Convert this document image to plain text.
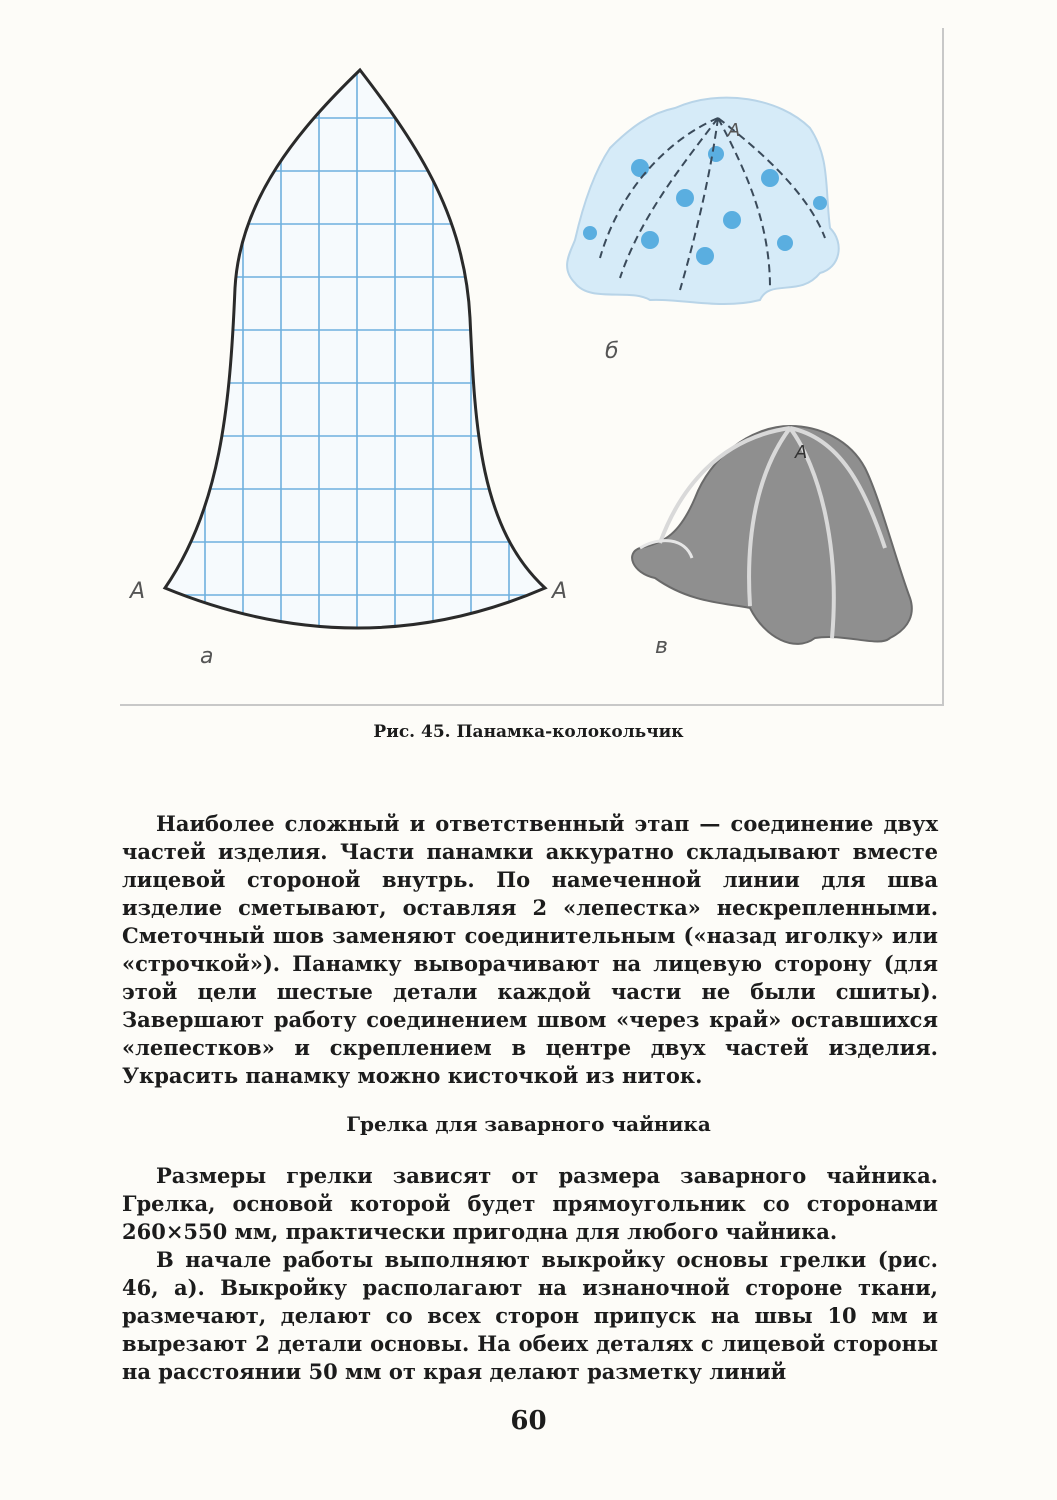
А	А
а
А
б
А
в
Рис. 45. Панамка-колокольчик

Наиболее сложный и ответственный этап — соединение двух частей изделия. Части панамки аккуратно складывают вместе лицевой стороной внутрь. По намеченной линии для шва изделие сметывают, оставляя 2 «лепестка» нескрепленными. Сметочный шов заменяют соединительным («назад иголку» или «строчкой»). Панамку выворачивают на лицевую сторону (для этой цели шестые детали каждой части не были сшиты). Завершают работу соединением швом «через край» оставшихся «лепестков» и скреплением в центре двух частей изделия. Украсить панамку можно кисточкой из ниток.

Грелка для заварного чайника

Размеры грелки зависят от размера заварного чайника. Грелка, основой которой будет прямоугольник со сторонами 260×550 мм, практически пригодна для любого чайника.

В начале работы выполняют выкройку основы грелки (рис. 46, а). Выкройку располагают на изнаночной стороне ткани, размечают, делают со всех сторон припуск на швы 10 мм и вырезают 2 детали основы. На обеих деталях с лицевой стороны на расстоянии 50 мм от края делают разметку линий

60
